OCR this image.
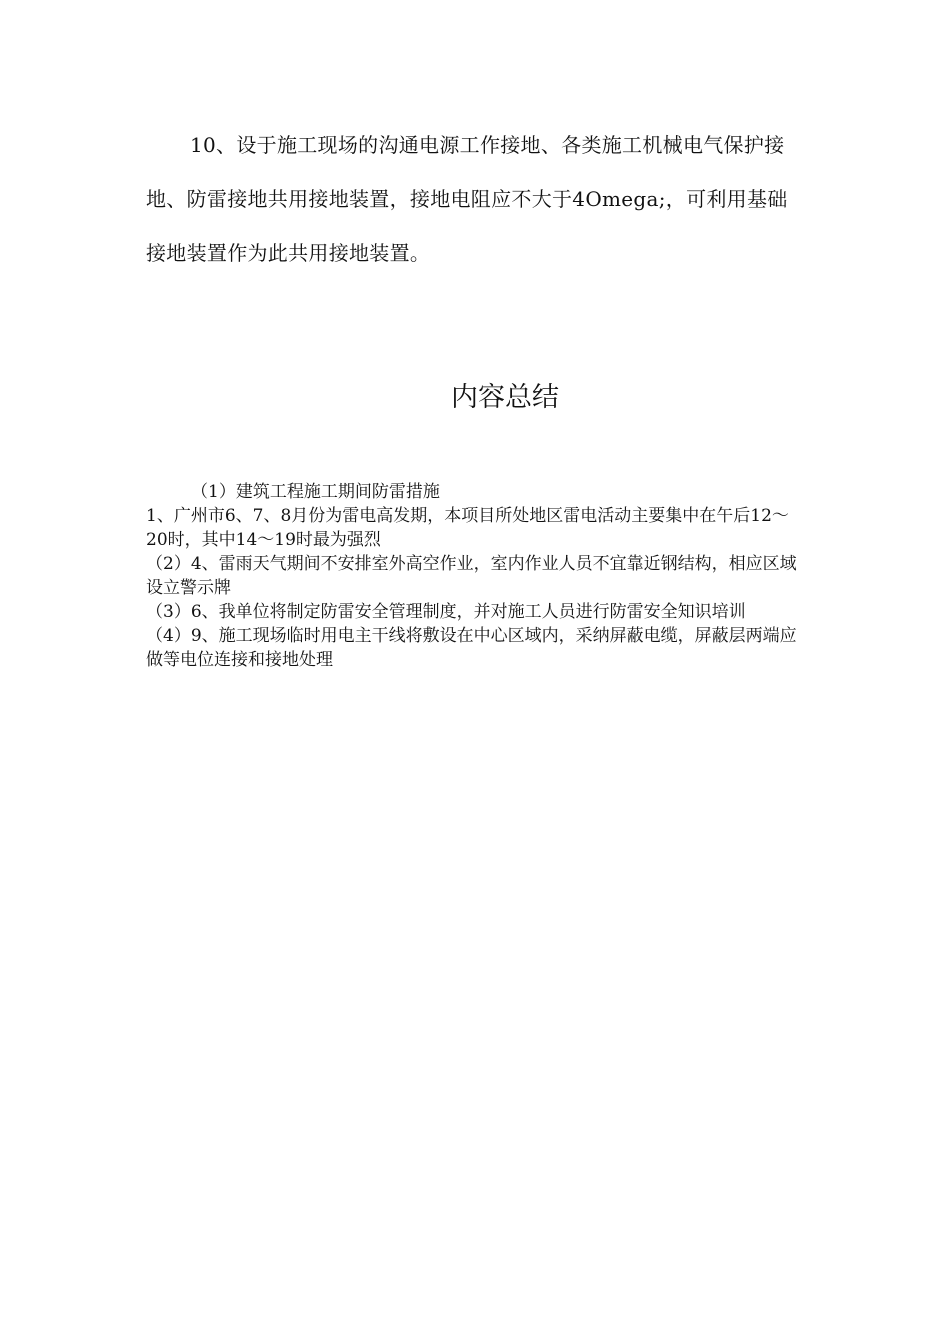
10、设于施工现场的沟通电源工作接地、各类施工机械电气保护接地、防雷接地共用接地装置，接地电阻应不大于4Omega;，可利用基础接地装置作为此共用接地装置。

内容总结
（1）建筑工程施工期间防雷措施
1、广州市6、7、8月份为雷电高发期，本项目所处地区雷电活动主要集中在午后12～20时，其中14～19时最为强烈
（2）4、雷雨天气期间不安排室外高空作业，室内作业人员不宜靠近钢结构，相应区域设立警示牌
（3）6、我单位将制定防雷安全管理制度，并对施工人员进行防雷安全知识培训
（4）9、施工现场临时用电主干线将敷设在中心区域内，采纳屏蔽电缆，屏蔽层两端应做等电位连接和接地处理
